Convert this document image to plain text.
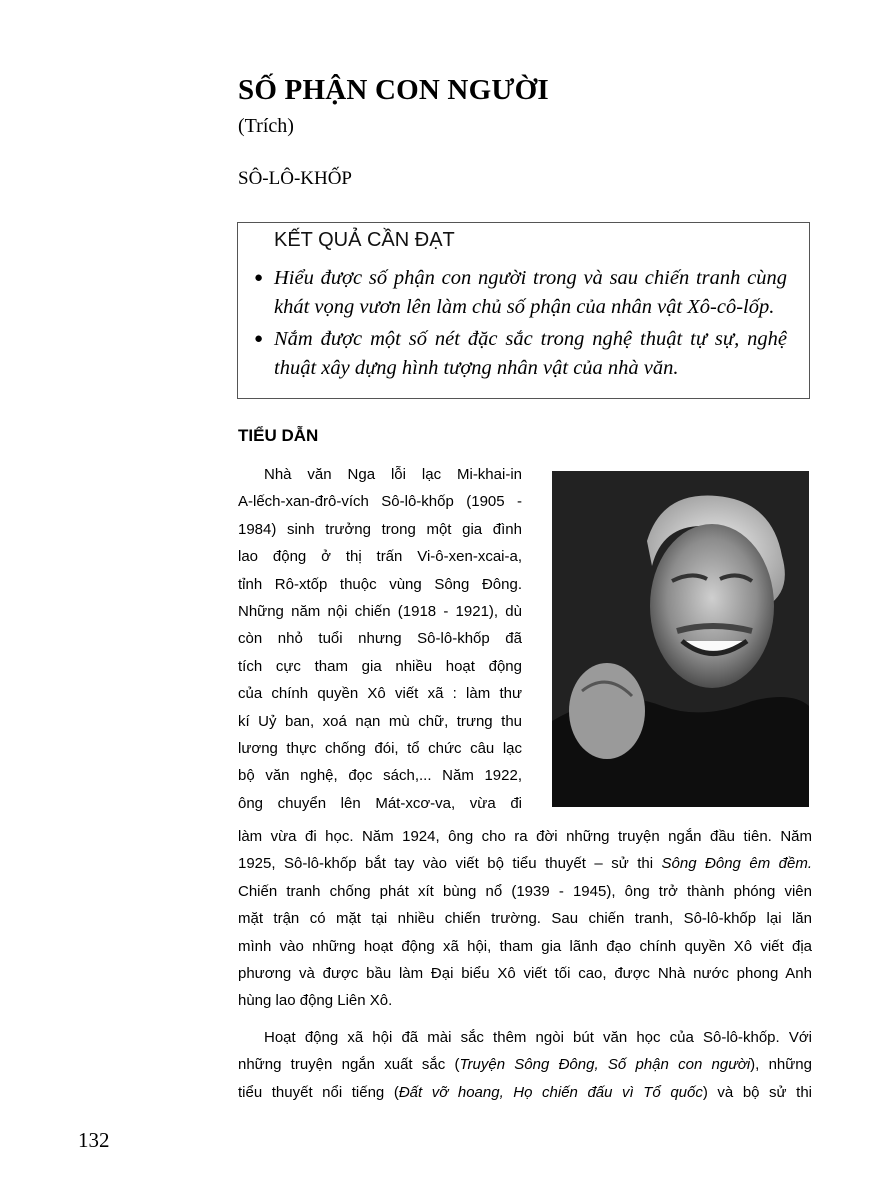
SỐ PHẬN CON NGƯỜI
(Trích)
SÔ-LÔ-KHỐP
KẾT QUẢ CẦN ĐẠT
● Hiểu được số phận con người trong và sau chiến tranh cùng khát vọng vươn lên làm chủ số phận của nhân vật Xô-cô-lốp.
● Nắm được một số nét đặc sắc trong nghệ thuật tự sự, nghệ thuật xây dựng hình tượng nhân vật của nhà văn.
TIỂU DẪN
Nhà văn Nga lỗi lạc Mi-khai-in
A-lếch-xan-đrô-vích Sô-lô-khốp (1905 -
1984) sinh trưởng trong một gia đình
lao động ở thị trấn Vi-ô-xen-xcai-a,
tỉnh Rô-xtốp thuộc vùng Sông Đông.
Những năm nội chiến (1918 - 1921), dù
còn nhỏ tuổi nhưng Sô-lô-khốp đã
tích cực tham gia nhiều hoạt động
của chính quyền Xô viết xã : làm thư
kí Uỷ ban, xoá nạn mù chữ, trưng thu
lương thực chống đói, tổ chức câu lạc
bộ văn nghệ, đọc sách,... Năm 1922,
ông chuyển lên Mát-xcơ-va, vừa đi
làm vừa đi học. Năm 1924, ông cho ra đời những truyện ngắn đầu tiên. Năm
1925, Sô-lô-khốp bắt tay vào viết bộ tiểu thuyết – sử thi Sông Đông êm đềm.
Chiến tranh chống phát xít bùng nổ (1939 - 1945), ông trở thành phóng viên
mặt trận có mặt tại nhiều chiến trường. Sau chiến tranh, Sô-lô-khốp lại lăn
mình vào những hoạt động xã hội, tham gia lãnh đạo chính quyền Xô viết địa
phương và được bầu làm Đại biểu Xô viết tối cao, được Nhà nước phong Anh
hùng lao động Liên Xô.
Hoạt động xã hội đã mài sắc thêm ngòi bút văn học của Sô-lô-khốp. Với
những truyện ngắn xuất sắc (Truyện Sông Đông, Số phận con người), những
tiểu thuyết nổi tiếng (Đất vỡ hoang, Họ chiến đấu vì Tổ quốc) và bộ sử thi
132
